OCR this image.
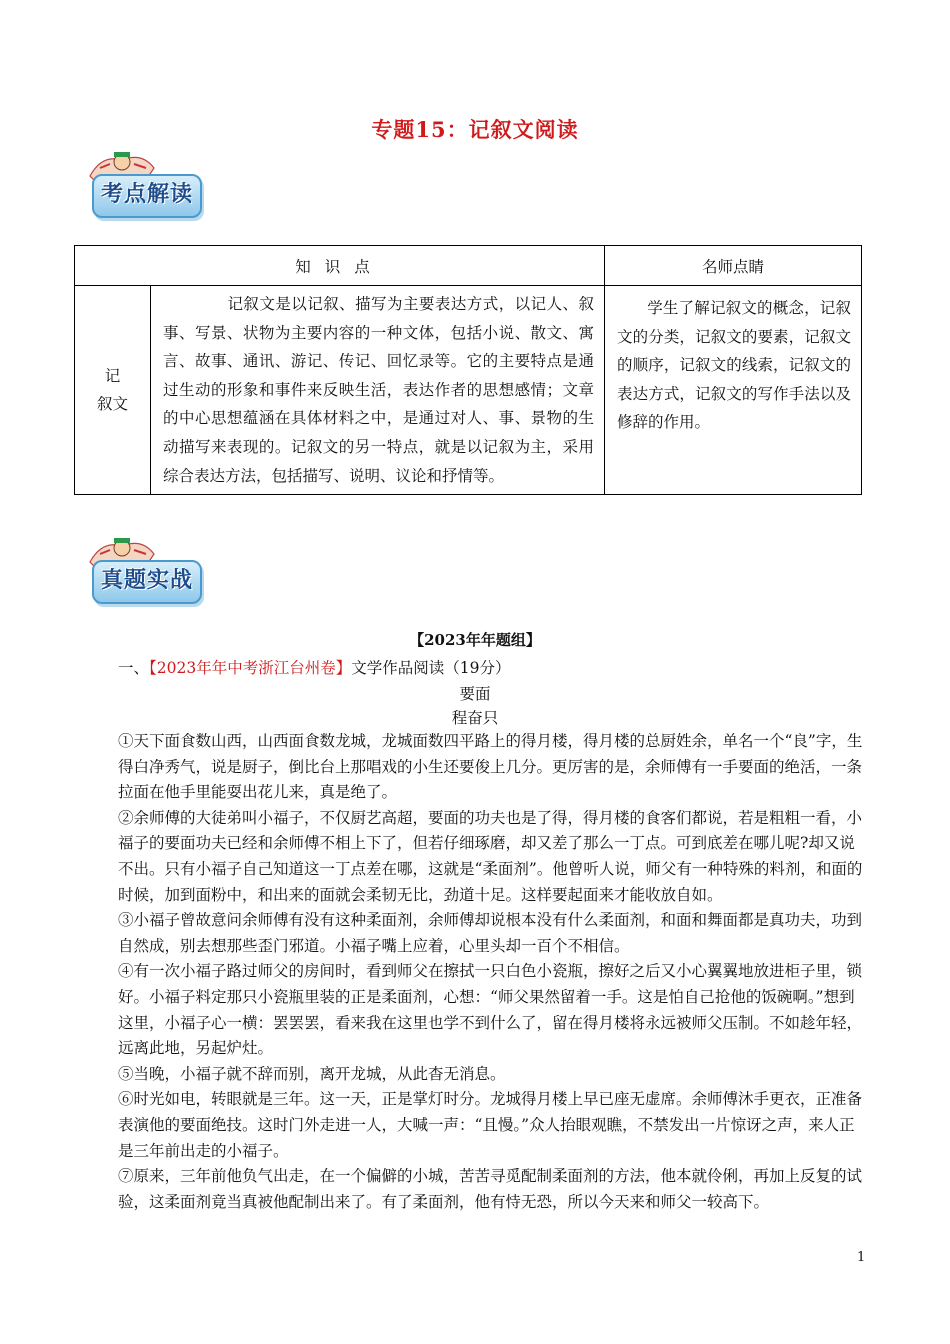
专题15：记叙文阅读
考点解读
知识点		名师点睛
记
叙文	记叙文是以记叙、描写为主要表达方式，以记人、叙事、写景、状物为主要内容的一种文体，包括小说、散文、寓言、故事、通讯、游记、传记、回忆录等。它的主要特点是通过生动的形象和事件来反映生活，表达作者的思想感情；文章的中心思想蕴涵在具体材料之中，是通过对人、事、景物的生动描写来表现的。记叙文的另一特点，就是以记叙为主，采用综合表达方法，包括描写、说明、议论和抒情等。	学生了解记叙文的概念，记叙文的分类，记叙文的要素，记叙文的顺序，记叙文的线索，记叙文的表达方式，记叙文的写作手法以及修辞的作用。
真题实战
【2023年年题组】
一、【2023年年中考浙江台州卷】文学作品阅读（19分）
要面
程奋只

①天下面食数山西，山西面食数龙城，龙城面数四平路上的得月楼，得月楼的总厨姓余，单名一个“良”字，生得白净秀气，说是厨子，倒比台上那唱戏的小生还要俊上几分。更厉害的是，余师傅有一手要面的绝活，一条拉面在他手里能耍出花儿来，真是绝了。

②余师傅的大徒弟叫小福子，不仅厨艺高超，要面的功夫也是了得，得月楼的食客们都说，若是粗粗一看，小福子的要面功夫已经和余师傅不相上下了，但若仔细琢磨，却又差了那么一丁点。可到底差在哪儿呢?却又说不出。只有小福子自己知道这一丁点差在哪，这就是“柔面剂”。他曾听人说，师父有一种特殊的料剂，和面的时候，加到面粉中，和出来的面就会柔韧无比，劲道十足。这样要起面来才能收放自如。

③小福子曾故意问余师傅有没有这种柔面剂，余师傅却说根本没有什么柔面剂，和面和舞面都是真功夫，功到自然成，别去想那些歪门邪道。小福子嘴上应着，心里头却一百个不相信。

④有一次小福子路过师父的房间时，看到师父在擦拭一只白色小瓷瓶，擦好之后又小心翼翼地放进柜子里，锁好。小福子料定那只小瓷瓶里装的正是柔面剂，心想：“师父果然留着一手。这是怕自己抢他的饭碗啊。”想到这里，小福子心一横：罢罢罢，看来我在这里也学不到什么了，留在得月楼将永远被师父压制。不如趁年轻，远离此地，另起炉灶。

⑤当晚，小福子就不辞而别，离开龙城，从此杳无消息。

⑥时光如电，转眼就是三年。这一天，正是掌灯时分。龙城得月楼上早已座无虚席。余师傅沐手更衣，正准备表演他的要面绝技。这时门外走进一人，大喊一声：“且慢。”众人抬眼观瞧，不禁发出一片惊讶之声，来人正是三年前出走的小福子。

⑦原来，三年前他负气出走，在一个偏僻的小城，苦苦寻觅配制柔面剂的方法，他本就伶俐，再加上反复的试验，这柔面剂竟当真被他配制出来了。有了柔面剂，他有恃无恐，所以今天来和师父一较高下。

1
